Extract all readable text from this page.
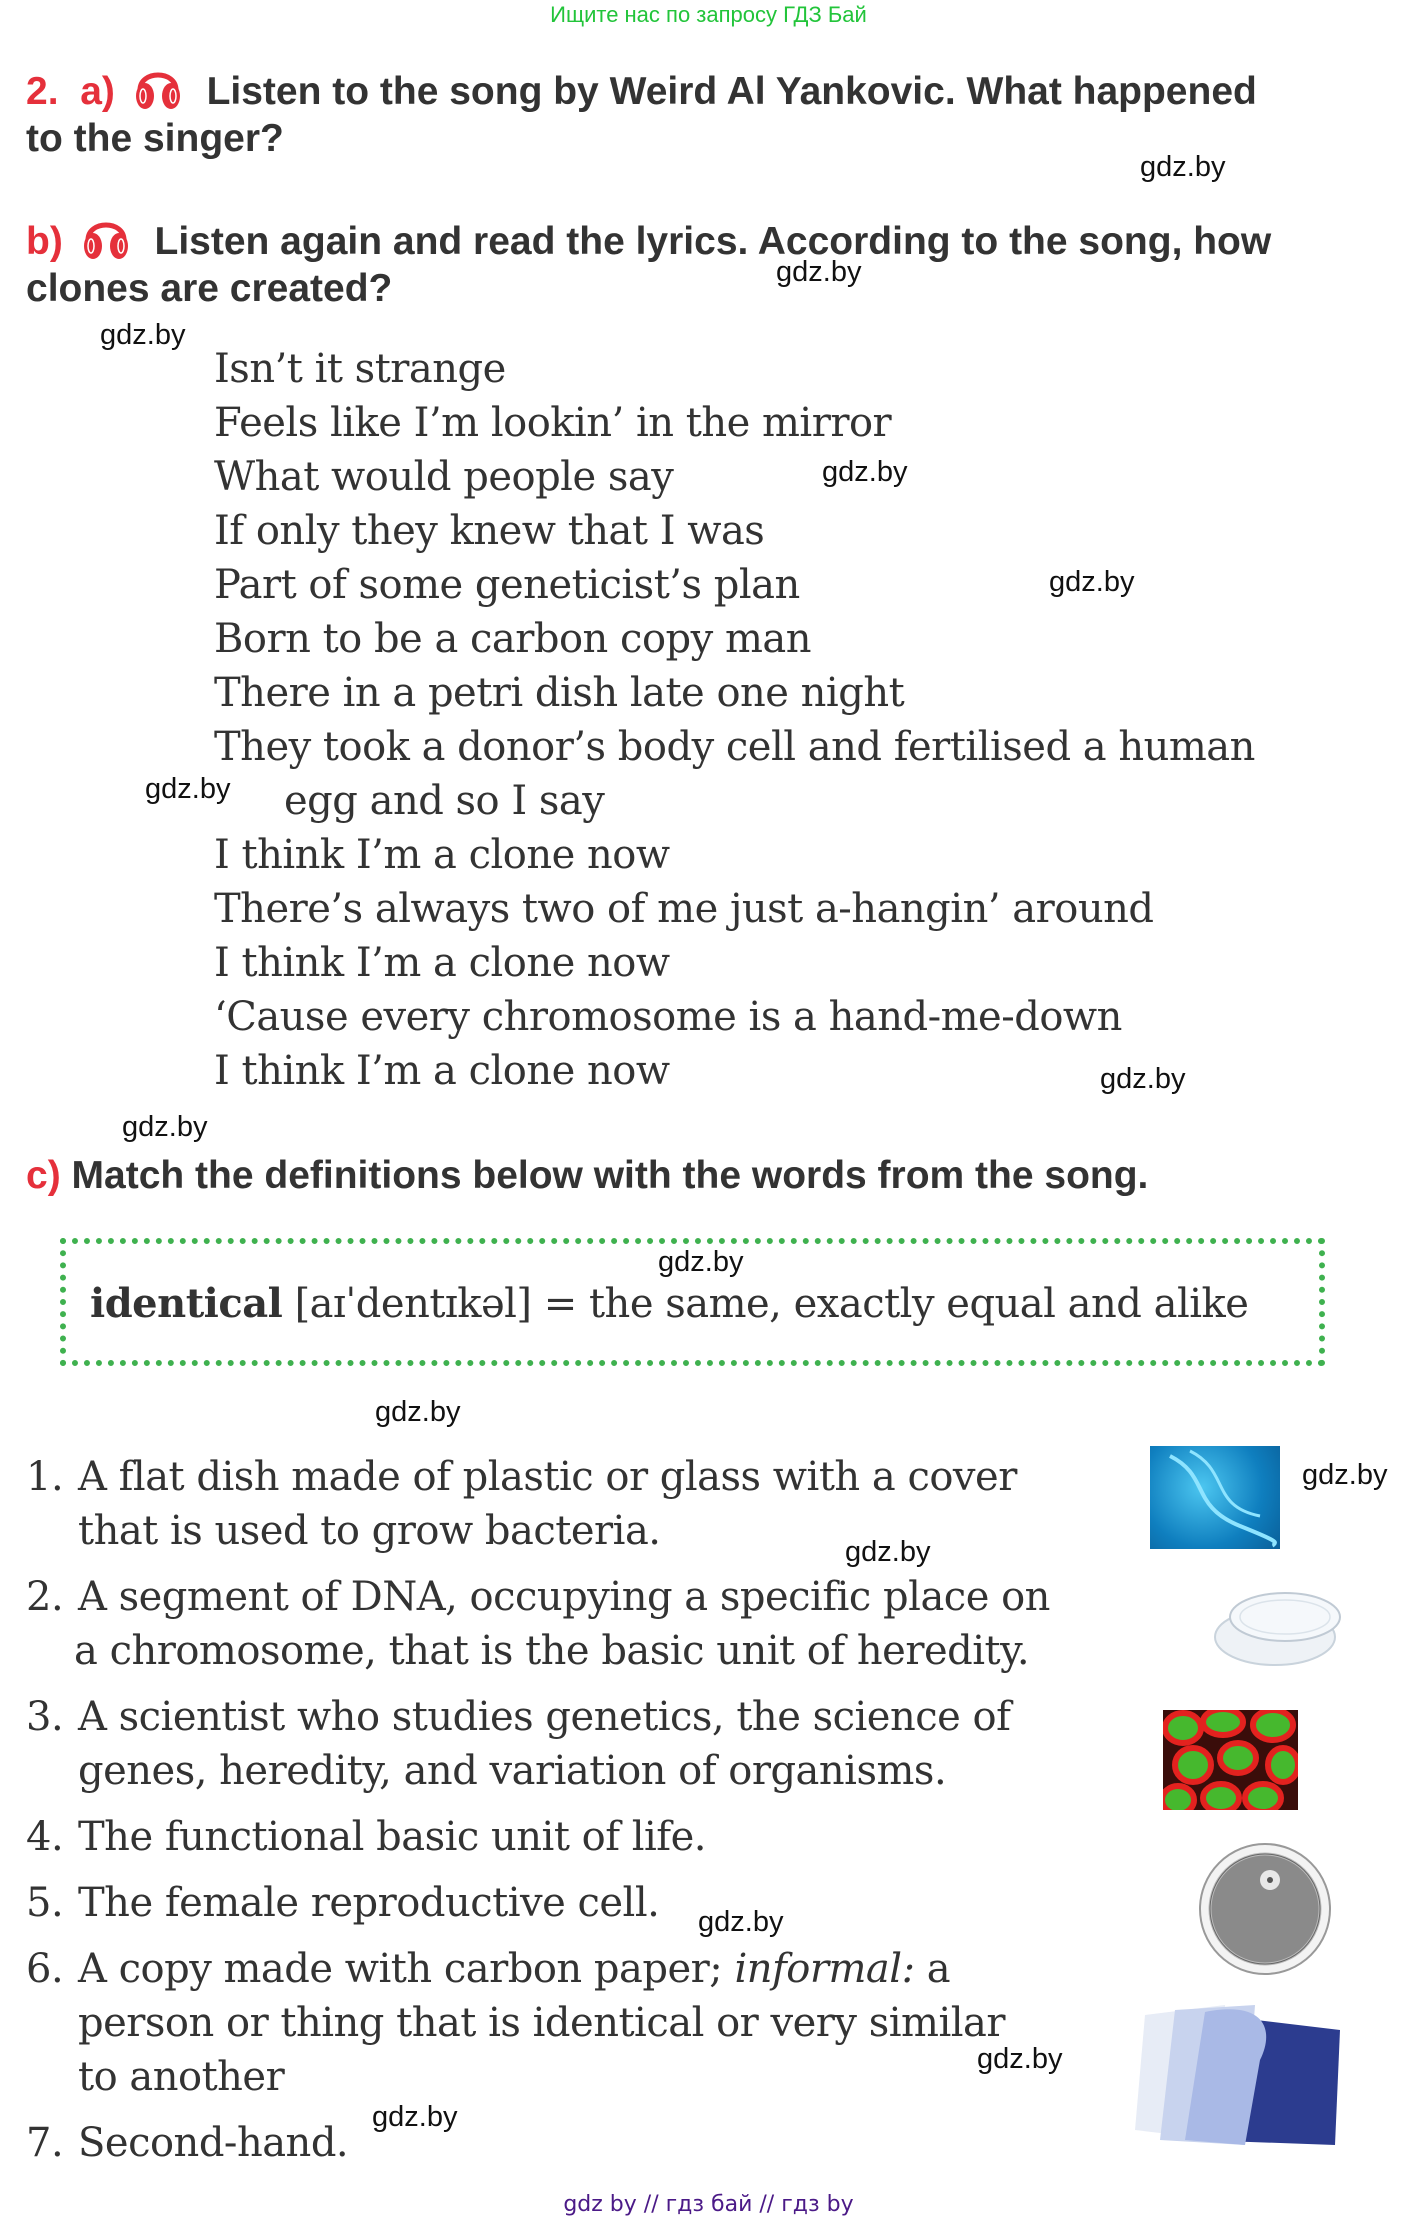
Ищите нас по запросу ГДЗ Бай
2. a) Listen to the song by Weird Al Yankovic. What happened
to the singer?
gdz.by
b) Listen again and read the lyrics. According to the song, how
clones are created?	gdz.by
gdz.by
Isn’t it strange
Feels like I’m lookin’ in the mirror
What would people say
If only they knew that I was
Part of some geneticist’s plan
Born to be a carbon copy man
There in a petri dish late one night
They took a donor’s body cell and fertilised a human
egg and so I say
I think I’m a clone now
There’s always two of me just a-hangin’ around
I think I’m a clone now
‘Cause every chromosome is a hand-me-down
I think I’m a clone now
gdz.by
gdz.by
gdz.by
gdz.by
gdz.by
c) Match the definitions below with the words from the song.
gdz.by
identical [aɪˈdentɪkəl] = the same, exactly equal and alike
gdz.by
1. A flat dish made of plastic or glass with a cover
that is used to grow bacteria.
2. A segment of DNA, occupying a specific place on
a chromosome, that is the basic unit of heredity.
3. A scientist who studies genetics, the science of
genes, heredity, and variation of organisms.
4. The functional basic unit of life.
5. The female reproductive cell.
6. A copy made with carbon paper; informal: a
person or thing that is identical or very similar
to another
7. Second-hand.
gdz.by
gdz.by
gdz.by
gdz.by
gdz.by
gdz by // гдз бай // гдз by
